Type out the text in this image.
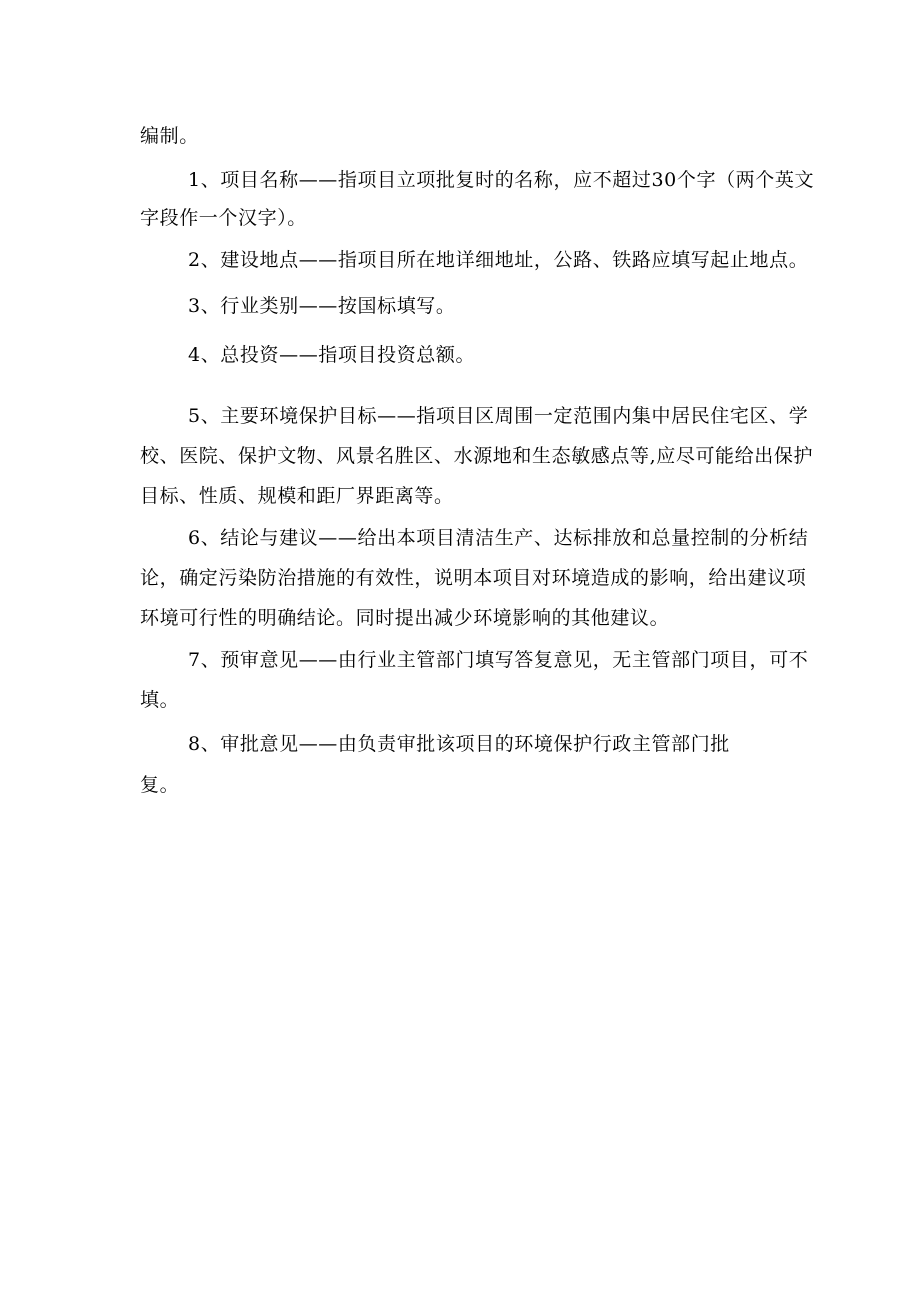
编制。
1、项目名称——指项目立项批复时的名称，应不超过30个字（两个英文
字段作一个汉字）。
2、建设地点——指项目所在地详细地址，公路、铁路应填写起止地点。
3、行业类别——按国标填写。
4、总投资——指项目投资总额。
5、主要环境保护目标——指项目区周围一定范围内集中居民住宅区、学
校、医院、保护文物、风景名胜区、水源地和生态敏感点等,应尽可能给出保护
目标、性质、规模和距厂界距离等。
6、结论与建议——给出本项目清洁生产、达标排放和总量控制的分析结
论，确定污染防治措施的有效性，说明本项目对环境造成的影响，给出建议项
环境可行性的明确结论。同时提出减少环境影响的其他建议。
7、预审意见——由行业主管部门填写答复意见，无主管部门项目，可不
填。
8、审批意见——由负责审批该项目的环境保护行政主管部门批
复。
